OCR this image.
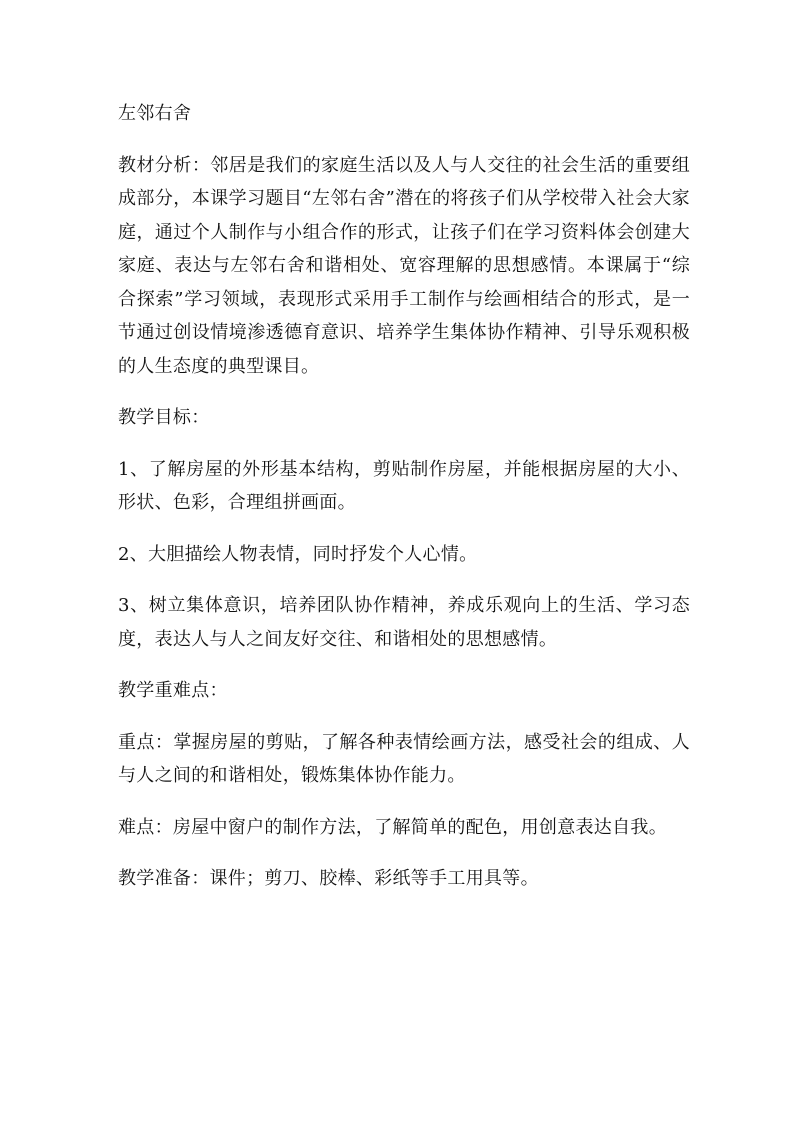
左邻右舍

教材分析：邻居是我们的家庭生活以及人与人交往的社会生活的重要组成部分，本课学习题目“左邻右舍”潜在的将孩子们从学校带入社会大家庭，通过个人制作与小组合作的形式，让孩子们在学习资料体会创建大家庭、表达与左邻右舍和谐相处、宽容理解的思想感情。本课属于“综合探索”学习领域，表现形式采用手工制作与绘画相结合的形式，是一节通过创设情境渗透德育意识、培养学生集体协作精神、引导乐观积极的人生态度的典型课目。

教学目标：

1、了解房屋的外形基本结构，剪贴制作房屋，并能根据房屋的大小、形状、色彩，合理组拼画面。

2、大胆描绘人物表情，同时抒发个人心情。

3、树立集体意识，培养团队协作精神，养成乐观向上的生活、学习态度，表达人与人之间友好交往、和谐相处的思想感情。

教学重难点：

重点：掌握房屋的剪贴，了解各种表情绘画方法，感受社会的组成、人与人之间的和谐相处，锻炼集体协作能力。

难点：房屋中窗户的制作方法，了解简单的配色，用创意表达自我。

教学准备：课件；剪刀、胶棒、彩纸等手工用具等。
